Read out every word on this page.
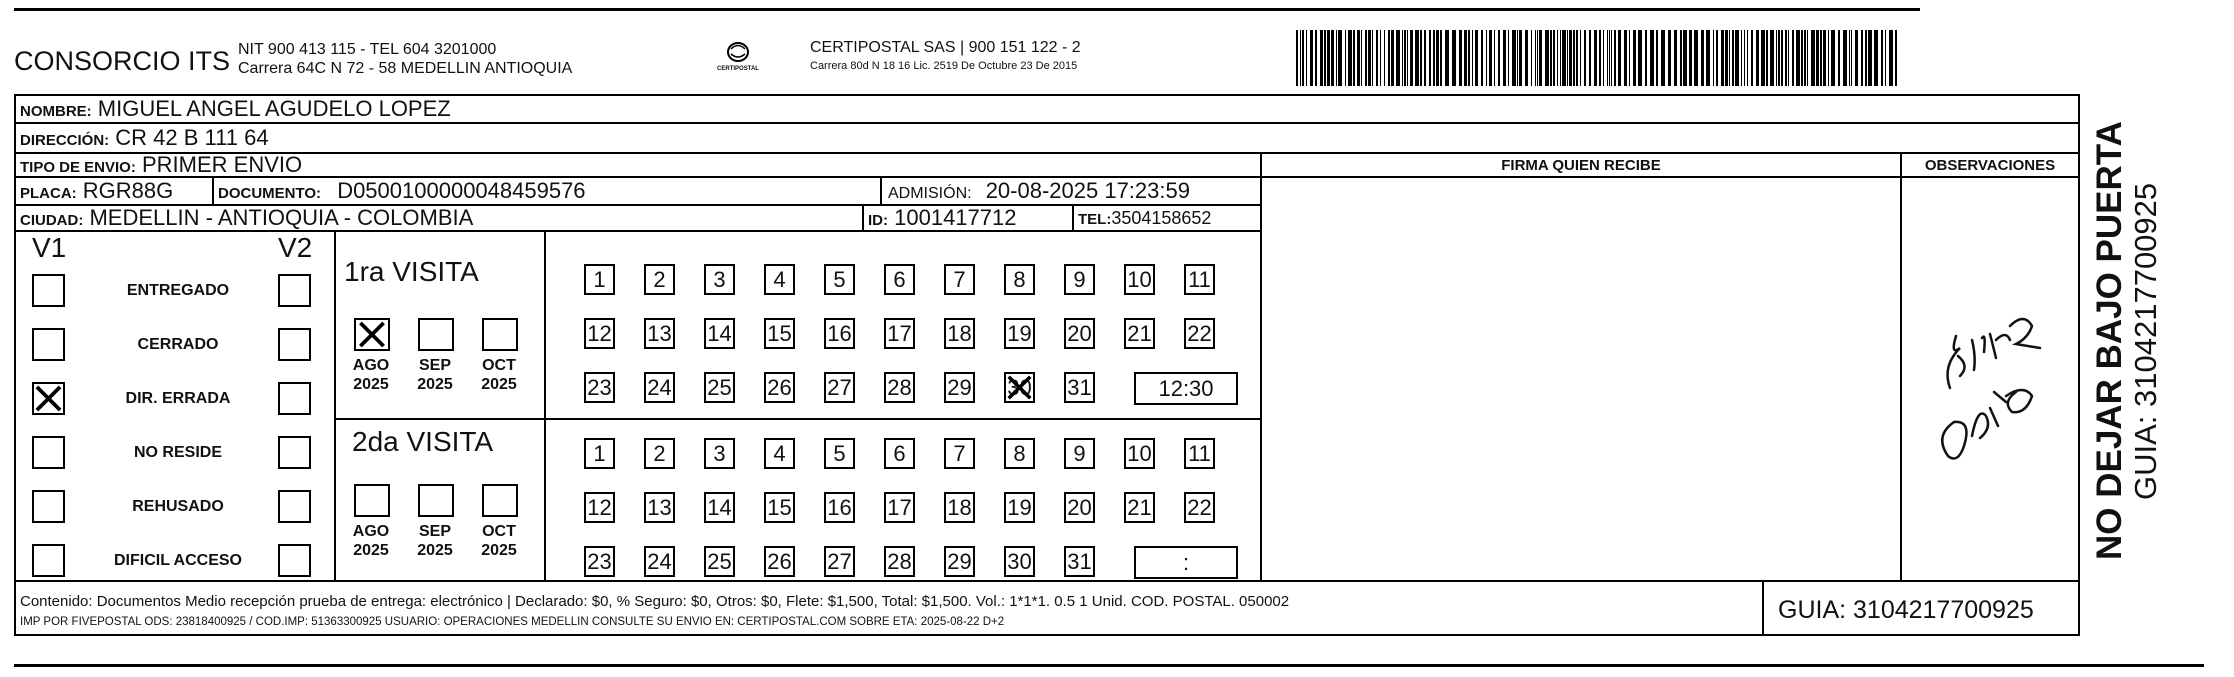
CONSORCIO ITS NIT 900 413 115 - TEL 604 3201000
Carrera 64C N 72 - 58 MEDELLIN ANTIOQUIA	CERTIPOSTAL
CERTIPOSTAL SAS | 900 151 122 - 2
Carrera 80d N 18 16 Lic. 2519 De Octubre 23 De 2015
NOMBRE: MIGUEL ANGEL AGUDELO LOPEZ
DIRECCIÓN: CR 42 B 111 64
TIPO DE ENVIO: PRIMER ENVIO
PLACA: RGR88G	DOCUMENTO: D0500100000048459576	ADMISIÓN: 20-08-2025 17:23:59
CIUDAD: MEDELLIN - ANTIOQUIA - COLOMBIA	ID: 1001417712	TEL:3504158652
FIRMA QUIEN RECIBE	OBSERVACIONES
V1	V2
1ra VISITA
2da VISITA
Contenido: Documentos Medio recepción prueba de entrega: electrónico | Declarado: $0, % Seguro: $0, Otros: $0, Flete: $1,500, Total: $1,500. Vol.: 1*1*1. 0.5 1 Unid. COD. POSTAL. 050002
IMP POR FIVEPOSTAL ODS: 23818400925 / COD.IMP: 51363300925 USUARIO: OPERACIONES MEDELLIN CONSULTE SU ENVIO EN: CERTIPOSTAL.COM SOBRE ETA: 2025-08-22 D+2	GUIA: 3104217700925
ENTREGADO
CERRADO
DIR. ERRADA
NO RESIDE
REHUSADO
DIFICIL ACCESO
AGO
2025
SEP
2025
OCT
2025
AGO
2025
SEP
2025
OCT
2025
1	2	3	4	5	6	7	8	9	10 11
12 13 14 15 16 17 18 19 20 21 22
23 24 25 26 27 28 29 30 31	12:30
1	2	3	4	5	6	7	8	9	10 11
12 13 14 15 16 17 18 19 20 21 22
23 24 25 26 27 28 29 30 31	:
NO DEJAR BAJO PUERTA GUIA: 3104217700925
